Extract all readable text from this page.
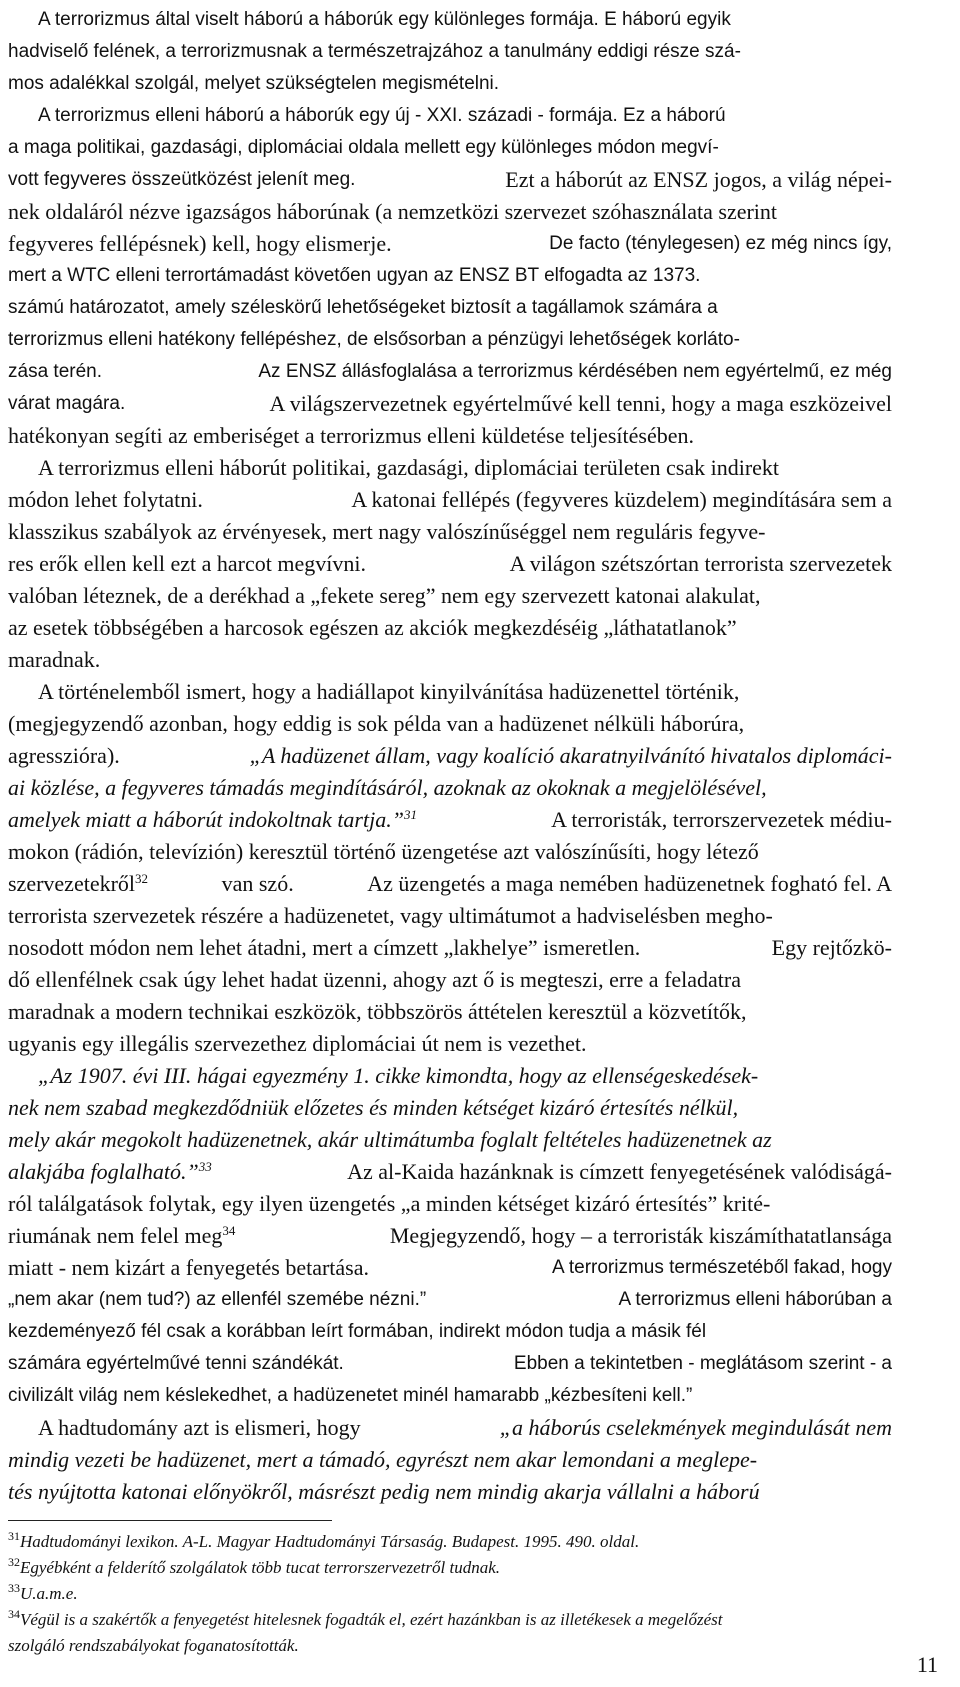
A terrorizmus által viselt háború a háborúk egy különleges formája. E háború egyik
hadviselő felének, a terrorizmusnak a természetrajzához a tanulmány eddigi része szá-
mos adalékkal szolgál, melyet szükségtelen megismételni.
A terrorizmus elleni háború a háborúk egy új - XXI. századi - formája. Ez a háború
a maga politikai, gazdasági, diplomáciai oldala mellett egy különleges módon megví-
vott fegyveres összeütközést jelenít meg.	Ezt a háborút az ENSZ jogos, a világ népei-
nek oldaláról nézve igazságos háborúnak (a nemzetközi szervezet szóhasználata szerint
fegyveres fellépésnek) kell, hogy elismerje.	De facto (ténylegesen) ez még nincs így,
mert a WTC elleni terrortámadást követően ugyan az ENSZ BT elfogadta az 1373.
számú határozatot, amely széleskörű lehetőségeket biztosít a tagállamok számára a
terrorizmus elleni hatékony fellépéshez, de elsősorban a pénzügyi lehetőségek korláto-
zása terén.	Az ENSZ állásfoglalása a terrorizmus kérdésében nem egyértelmű, ez még
várat magára.	A világszervezetnek egyértelművé kell tenni, hogy a maga eszközeivel
hatékonyan segíti az emberiséget a terrorizmus elleni küldetése teljesítésében.
A terrorizmus elleni háborút politikai, gazdasági, diplomáciai területen csak indirekt
módon lehet folytatni.	A katonai fellépés (fegyveres küzdelem) megindítására sem a
klasszikus szabályok az érvényesek, mert nagy valószínűséggel nem reguláris fegyve-
res erők ellen kell ezt a harcot megvívni.	A világon szétszórtan terrorista szervezetek
valóban léteznek, de a derékhad a „fekete sereg” nem egy szervezett katonai alakulat,
az esetek többségében a harcosok egészen az akciók megkezdéséig „láthatatlanok”
maradnak.
A történelemből ismert, hogy a hadiállapot kinyilvánítása hadüzenettel történik,
(megjegyzendő azonban, hogy eddig is sok példa van a hadüzenet nélküli háborúra,
agresszióra).	„A hadüzenet állam, vagy koalíció akaratnyilvánító hivatalos diplomáci-
ai közlése, a fegyveres támadás megindításáról, azoknak az okoknak a megjelölésével,
amelyek miatt a háborút indokoltnak tartja.”$^{31}$	A terroristák, terrorszervezetek médiu-
mokon (rádión, televízión) keresztül történő üzengetése azt valószínűsíti, hogy létező
szervezetekről$^{32}$	van szó.	Az üzengetés a maga nemében hadüzenetnek fogható fel. A
terrorista szervezetek részére a hadüzenetet, vagy ultimátumot a hadviselésben megho-
nosodott módon nem lehet átadni, mert a címzett „lakhelye” ismeretlen.	Egy rejtőzkö-
dő ellenfélnek csak úgy lehet hadat üzenni, ahogy azt ő is megteszi, erre a feladatra
maradnak a modern technikai eszközök, többszörös áttételen keresztül a közvetítők,
ugyanis egy illegális szervezethez diplomáciai út nem is vezethet.
„Az 1907. évi III. hágai egyezmény 1. cikke kimondta, hogy az ellenségeskedések-
nek nem szabad megkezdődniük előzetes és minden kétséget kizáró értesítés nélkül,
mely akár megokolt hadüzenetnek, akár ultimátumba foglalt feltételes hadüzenetnek az
alakjába foglalható.”$^{33}$	Az al-Kaida hazánknak is címzett fenyegetésének valódiságá-
ról találgatások folytak, egy ilyen üzengetés „a minden kétséget kizáró értesítés” krité-
riumának nem felel meg$^{34}$	Megjegyzendő, hogy – a terroristák kiszámíthatatlansága
miatt - nem kizárt a fenyegetés betartása.	A terrorizmus természetéből fakad, hogy
„nem akar (nem tud?) az ellenfél szemébe nézni.”	A terrorizmus elleni háborúban a
kezdeményező fél csak a korábban leírt formában, indirekt módon tudja a másik fél
számára egyértelművé tenni szándékát.	Ebben a tekintetben - meglátásom szerint - a
civilizált világ nem késlekedhet, a hadüzenetet minél hamarabb „kézbesíteni kell.”
A hadtudomány azt is elismeri, hogy	„a háborús cselekmények megindulását nem
mindig vezeti be hadüzenet, mert a támadó, egyrészt nem akar lemondani a meglepe-
tés nyújtotta katonai előnyökről, másrészt pedig nem mindig akarja vállalni a háború
$^{31}$Hadtudományi lexikon. A-L. Magyar Hadtudományi Társaság. Budapest. 1995. 490. oldal.
$^{32}$Egyébként a felderítő szolgálatok több tucat terrorszervezetről tudnak.
$^{33}$U.a.m.e.
$^{34}$Végül is a szakértők a fenyegetést hitelesnek fogadták el, ezért hazánkban is az illetékesek a megelőzést
szolgáló rendszabályokat foganatosították.
11
